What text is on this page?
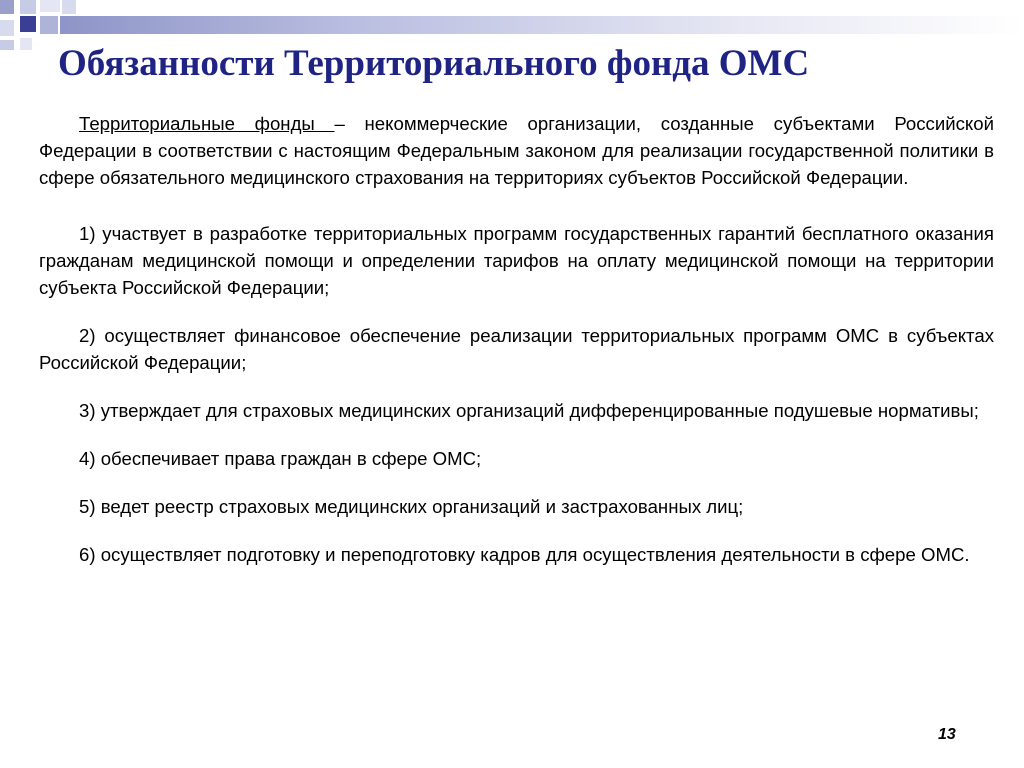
Обязанности Территориального фонда ОМС

Территориальные фонды – некоммерческие организации, созданные субъектами Российской Федерации в соответствии с настоящим Федеральным законом для реализации государственной политики в сфере обязательного медицинского страхования на территориях субъектов Российской Федерации.

1) участвует в разработке территориальных программ государственных гарантий бесплатного оказания гражданам медицинской помощи и определении тарифов на оплату медицинской помощи на территории субъекта Российской Федерации;

2) осуществляет финансовое обеспечение реализации территориальных программ ОМС в субъектах Российской Федерации;

3) утверждает для страховых медицинских организаций дифференцированные подушевые нормативы;

4) обеспечивает права граждан в сфере ОМС;

5) ведет реестр страховых медицинских организаций и застрахованных лиц;

6) осуществляет подготовку и переподготовку кадров для осуществления деятельности в сфере ОМС.

13
